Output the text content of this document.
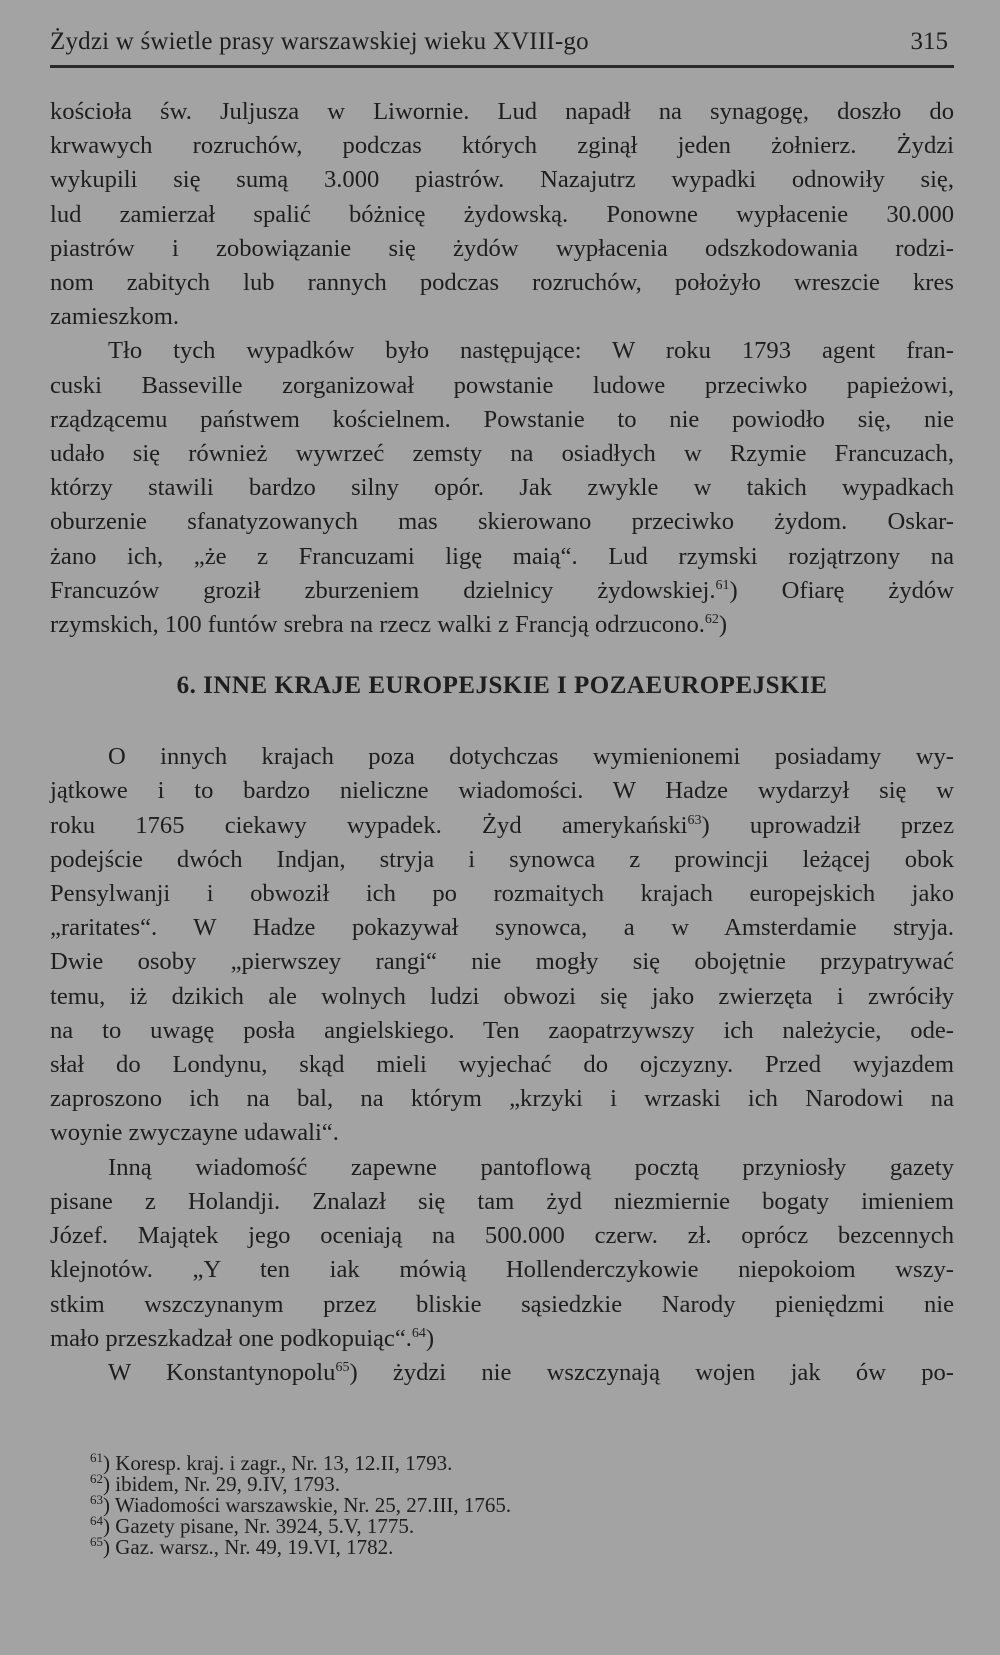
Żydzi w świetle prasy warszawskiej wieku XVIII-go	315

kościoła św. Juljusza w Liwornie. Lud napadł na synagogę, doszło do
krwawych rozruchów, podczas których zginął jeden żołnierz. Żydzi
wykupili się sumą 3.000 piastrów. Nazajutrz wypadki odnowiły się,
lud zamierzał spalić bóżnicę żydowską. Ponowne wypłacenie 30.000
piastrów i zobowiązanie się żydów wypłacenia odszkodowania rodzi-
nom zabitych lub rannych podczas rozruchów, położyło wreszcie kres
zamieszkom.

Tło tych wypadków było następujące: W roku 1793 agent fran-
cuski Basseville zorganizował powstanie ludowe przeciwko papieżowi,
rządzącemu państwem kościelnem. Powstanie to nie powiodło się, nie
udało się również wywrzeć zemsty na osiadłych w Rzymie Francuzach,
którzy stawili bardzo silny opór. Jak zwykle w takich wypadkach
oburzenie sfanatyzowanych mas skierowano przeciwko żydom. Oskar-
żano ich, „że z Francuzami ligę maią“. Lud rzymski rozjątrzony na
Francuzów groził zburzeniem dzielnicy żydowskiej.$^{61}$) Ofiarę żydów
rzymskich, 100 funtów srebra na rzecz walki z Francją odrzucono.$^{62}$)

6. INNE KRAJE EUROPEJSKIE I POZAEUROPEJSKIE

O innych krajach poza dotychczas wymienionemi posiadamy wy-
jątkowe i to bardzo nieliczne wiadomości. W Hadze wydarzył się w
roku 1765 ciekawy wypadek. Żyd amerykański$^{63}$) uprowadził przez
podejście dwóch Indjan, stryja i synowca z prowincji leżącej obok
Pensylwanji i obwoził ich po rozmaitych krajach europejskich jako
„raritates“. W Hadze pokazywał synowca, a w Amsterdamie stryja.
Dwie osoby „pierwszey rangi“ nie mogły się obojętnie przypatrywać
temu, iż dzikich ale wolnych ludzi obwozi się jako zwierzęta i zwróciły
na to uwagę posła angielskiego. Ten zaopatrzywszy ich należycie, ode-
słał do Londynu, skąd mieli wyjechać do ojczyzny. Przed wyjazdem
zaproszono ich na bal, na którym „krzyki i wrzaski ich Narodowi na
woynie zwyczayne udawali“.

Inną wiadomość zapewne pantoflową pocztą przyniosły gazety
pisane z Holandji. Znalazł się tam żyd niezmiernie bogaty imieniem
Józef. Majątek jego oceniają na 500.000 czerw. zł. oprócz bezcennych
klejnotów. „Y ten iak mówią Hollenderczykowie niepokoiom wszy-
stkim wszczynanym przez bliskie sąsiedzkie Narody pieniędzmi nie
mało przeszkadzał one podkopuiąc“.$^{64}$)

W Konstantynopolu$^{65}$) żydzi nie wszczynają wojen jak ów po-

$^{61}$) Koresp. kraj. i zagr., Nr. 13, 12.II, 1793.
$^{62}$) ibidem, Nr. 29, 9.IV, 1793.
$^{63}$) Wiadomości warszawskie, Nr. 25, 27.III, 1765.
$^{64}$) Gazety pisane, Nr. 3924, 5.V, 1775.
$^{65}$) Gaz. warsz., Nr. 49, 19.VI, 1782.
